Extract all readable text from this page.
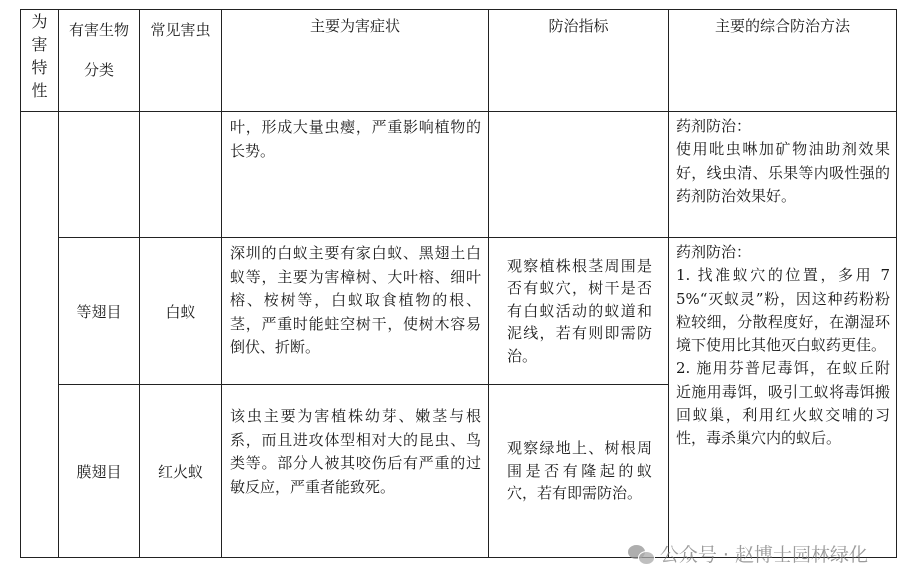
为害特性	有害生物分类	常见害虫	主要为害症状	防治指标	主要的综合防治方法

			叶，形成大量虫瘿，严重影响植物的长势。		药剂防治：
使用吡虫啉加矿物油助剂效果好，线虫清、乐果等内吸性强的药剂防治效果好。

	等翅目	白蚁	深圳的白蚁主要有家白蚁、黑翅土白蚁等，主要为害樟树、大叶榕、细叶榕、桉树等，白蚁取食植物的根、茎，严重时能蛀空树干，使树木容易倒伏、折断。	观察植株根茎周围是否有蚁穴，树干是否有白蚁活动的蚁道和泥线，若有则即需防治。	药剂防治：
1. 找准蚁穴的位置，多用 75%“灭蚁灵”粉，因这种药粉粉粒较细，分散程度好，在潮湿环境下使用比其他灭白蚁药更佳。
2. 施用芬普尼毒饵，在蚁丘附近施用毒饵，吸引工蚁将毒饵搬回蚁巢，利用红火蚁交哺的习性，毒杀巢穴内的蚁后。

	膜翅目	红火蚁	该虫主要为害植株幼芽、嫩茎与根系，而且进攻体型相对大的昆虫、鸟类等。部分人被其咬伤后有严重的过敏反应，严重者能致死。	观察绿地上、树根周围是否有隆起的蚁穴，若有即需防治。	
公众号 · 赵博士园林绿化
